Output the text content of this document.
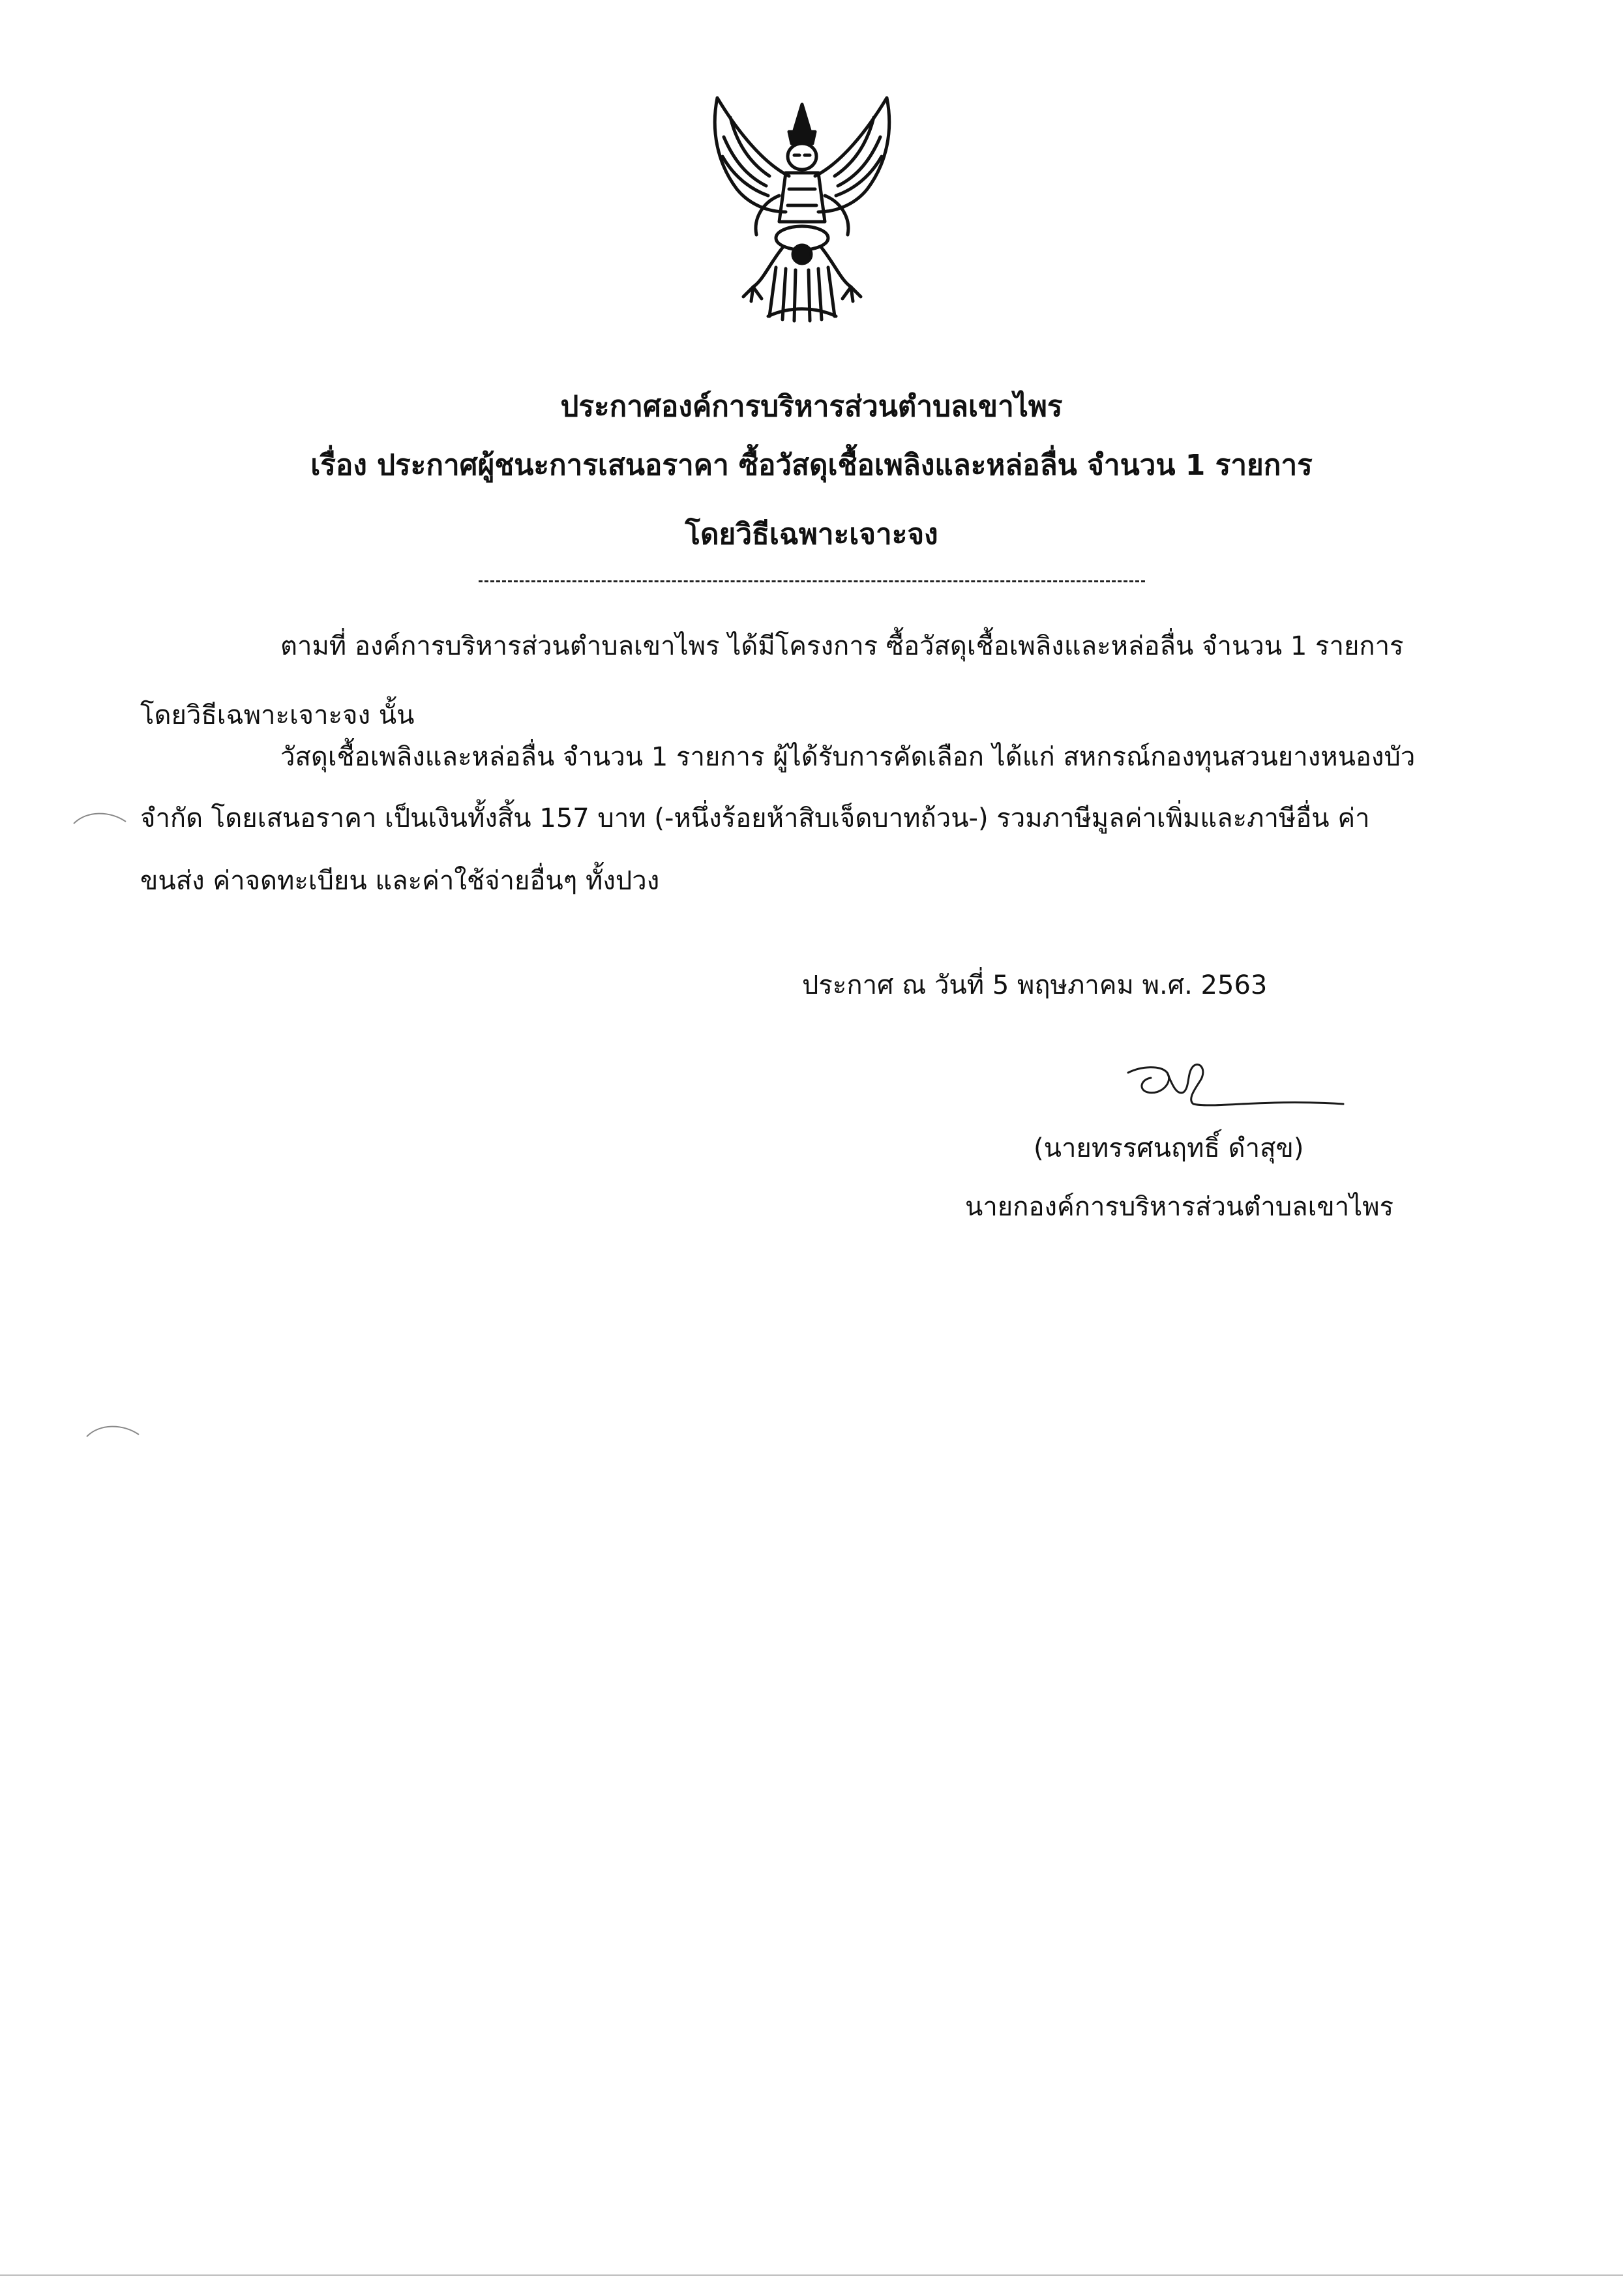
ประกาศองค์การบริหารส่วนตำบลเขาไพร
เรื่อง ประกาศผู้ชนะการเสนอราคา ซื้อวัสดุเชื้อเพลิงและหล่อลื่น จำนวน 1 รายการ
โดยวิธีเฉพาะเจาะจง
ตามที่ องค์การบริหารส่วนตำบลเขาไพร ได้มีโครงการ ซื้อวัสดุเชื้อเพลิงและหล่อลื่น จำนวน 1 รายการ
โดยวิธีเฉพาะเจาะจง นั้น
วัสดุเชื้อเพลิงและหล่อลื่น จำนวน 1 รายการ ผู้ได้รับการคัดเลือก ได้แก่ สหกรณ์กองทุนสวนยางหนองบัว
จำกัด โดยเสนอราคา เป็นเงินทั้งสิ้น 157 บาท (-หนึ่งร้อยห้าสิบเจ็ดบาทถ้วน-) รวมภาษีมูลค่าเพิ่มและภาษีอื่น ค่า
ขนส่ง ค่าจดทะเบียน และค่าใช้จ่ายอื่นๆ ทั้งปวง
ประกาศ ณ วันที่ 5 พฤษภาคม พ.ศ. 2563
(นายทรรศนฤทธิ์ ดำสุข)
นายกองค์การบริหารส่วนตำบลเขาไพร
